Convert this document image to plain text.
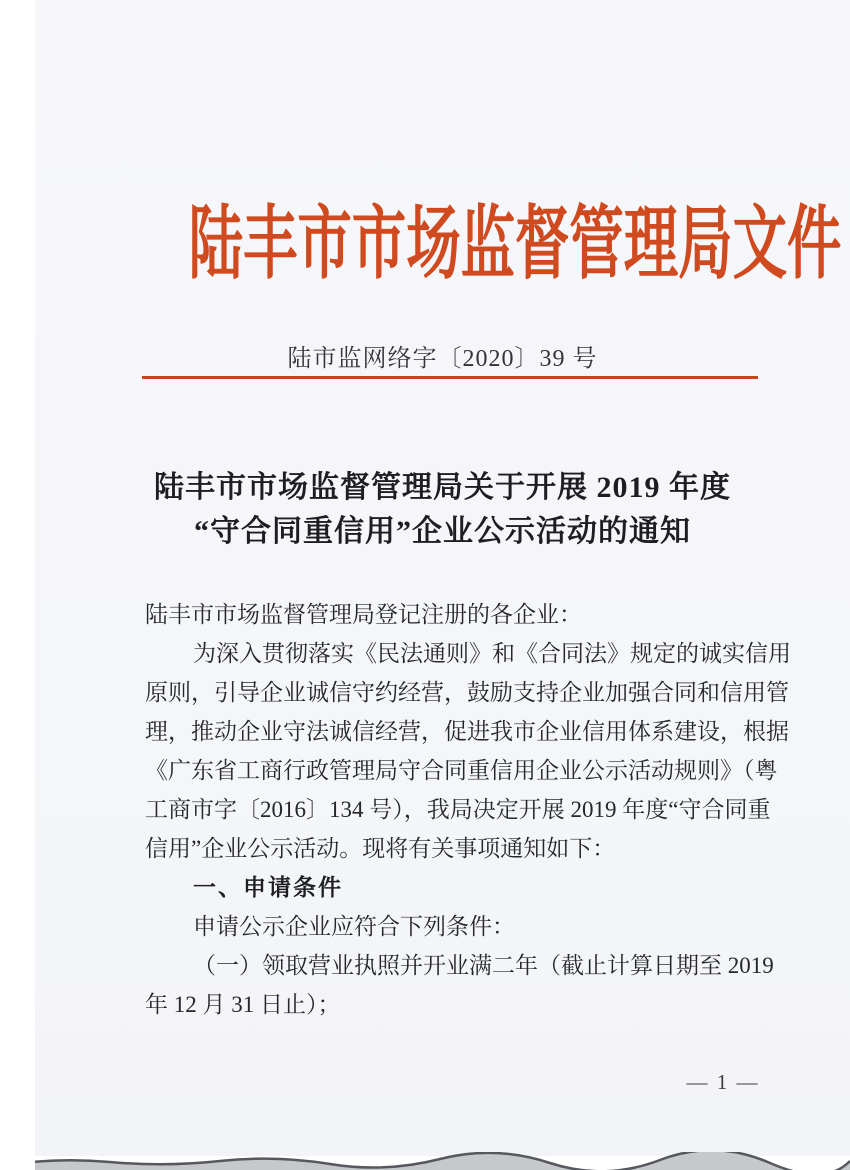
陆丰市市场监督管理局文件
陆市监网络字〔2020〕39 号
陆丰市市场监督管理局关于开展 2019 年度
“守合同重信用”企业公示活动的通知
陆丰市市场监督管理局登记注册的各企业：
为深入贯彻落实《民法通则》和《合同法》规定的诚实信用
原则，引导企业诚信守约经营，鼓励支持企业加强合同和信用管
理，推动企业守法诚信经营，促进我市企业信用体系建设，根据
《广东省工商行政管理局守合同重信用企业公示活动规则》（粤
工商市字〔2016〕134 号），我局决定开展 2019 年度“守合同重
信用”企业公示活动。现将有关事项通知如下：
一、申请条件
申请公示企业应符合下列条件：
（一）领取营业执照并开业满二年（截止计算日期至 2019
年 12 月 31 日止）；
— 1 —
